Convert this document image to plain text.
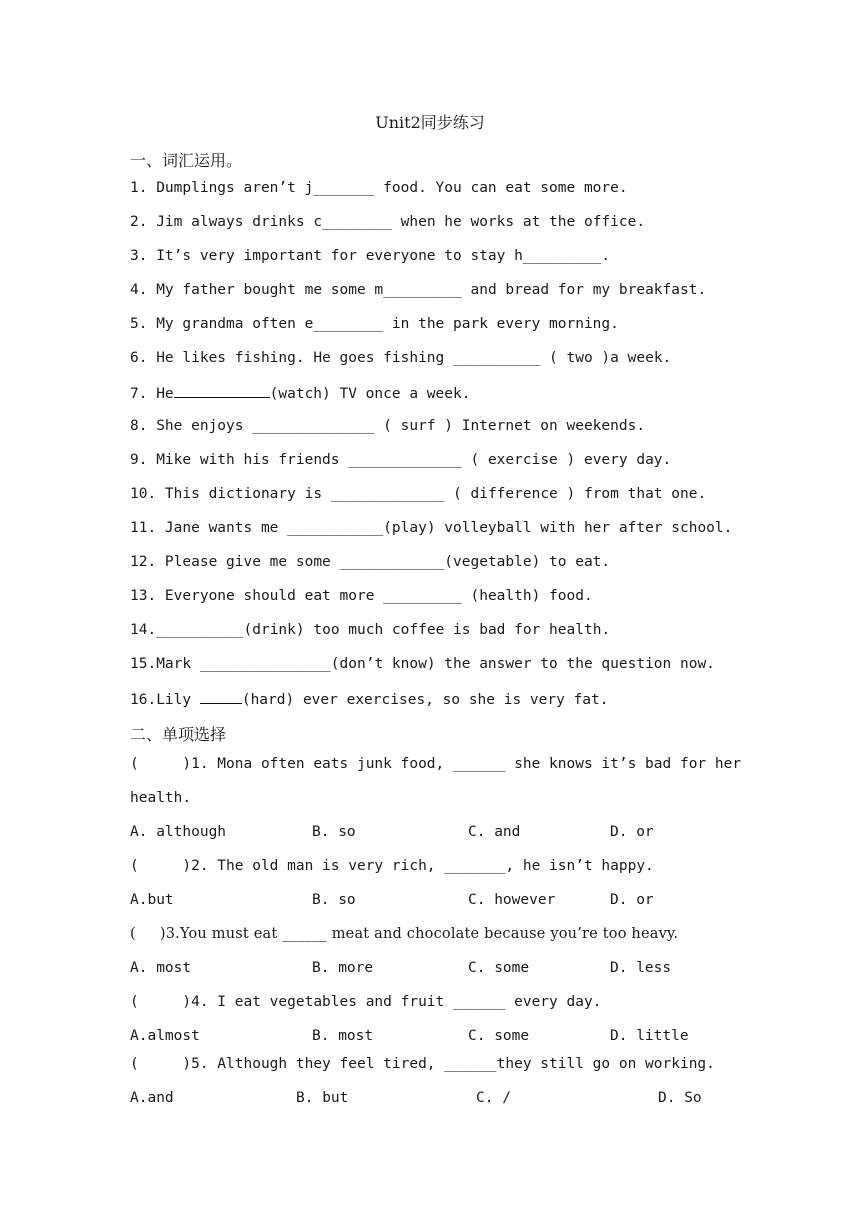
Unit2同步练习
一、词汇运用。
1. Dumplings aren’t j_______ food. You can eat some more.
2. Jim always drinks c________ when he works at the office.
3. It’s very important for everyone to stay h_________.
4. My father bought me some m_________ and bread for my breakfast.
5. My grandma often e________ in the park every morning.
6. He likes fishing. He goes fishing __________ ( two )a week.
7. He	(watch) TV once a week.
8. She enjoys ______________ ( surf ) Internet on weekends.
9. Mike with his friends _____________ ( exercise ) every day.
10. This dictionary is _____________ ( difference ) from that one.
11. Jane wants me ___________(play) volleyball with her after school.
12. Please give me some ____________(vegetable) to eat.
13. Everyone should eat more _________ (health) food.
14.__________(drink) too much coffee is bad for health.
15.Mark _______________(don’t know) the answer to the question now.
16.Lily	(hard) ever exercises, so she is very fat.
二、单项选择
(     )1. Mona often eats junk food, ______ she knows it’s bad for her
health.
A. although	B. so	C. and	D. or
(     )2. The old man is very rich, _______, he isn’t happy.
A.but	B. so	C. however	D. or
(     )3.You must eat ______ meat and chocolate because you’re too heavy.
A. most	B. more	C. some	D. less
(     )4. I eat vegetables and fruit ______ every day.
A.almost	B. most	C. some	D. little
(     )5. Although they feel tired, ______they still go on working.
A.and	B. but	C. /	D. So
